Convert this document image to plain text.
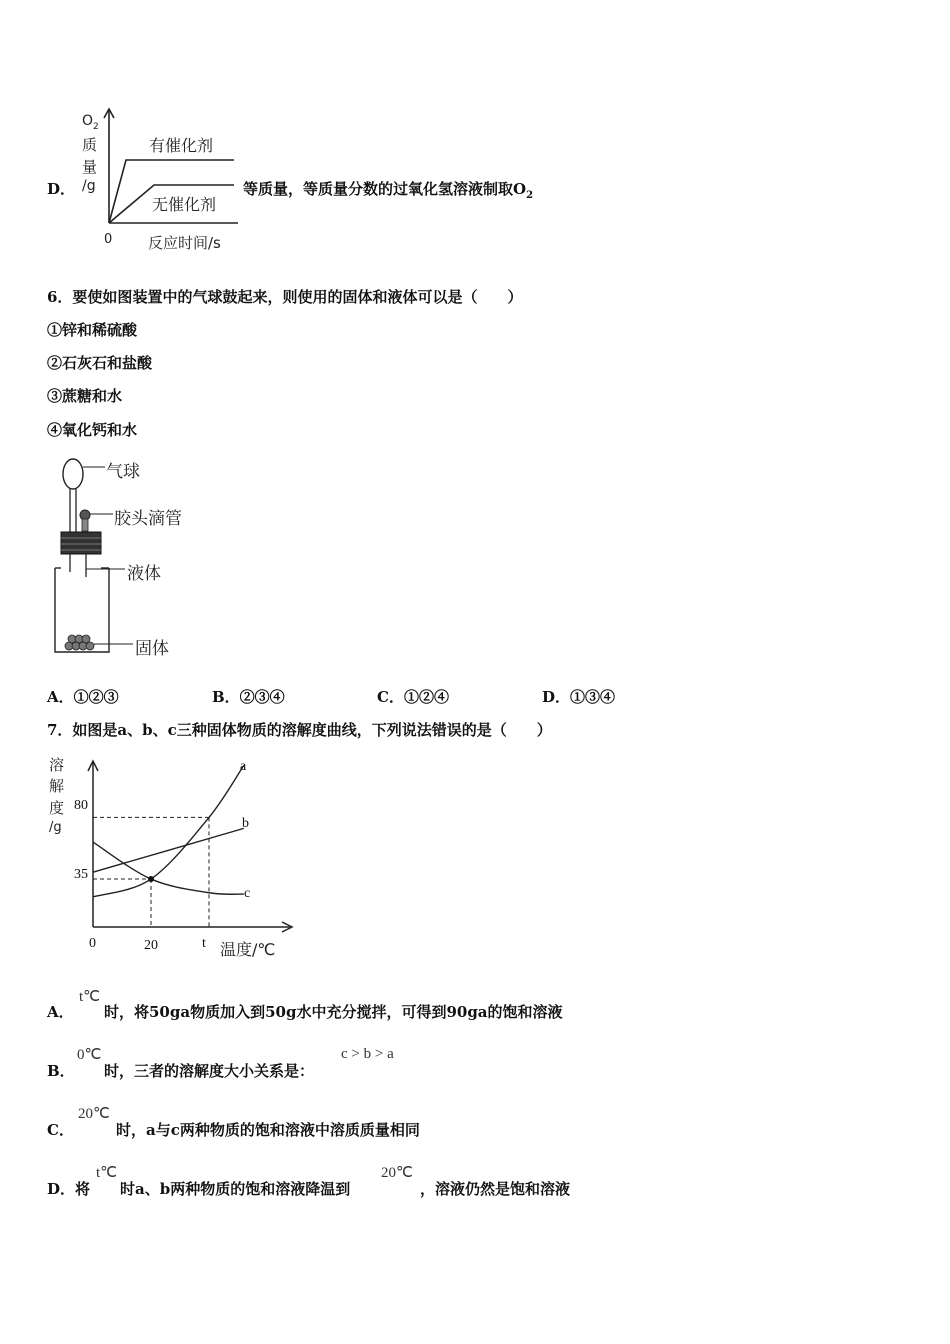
D．
$O_2$
质
量
/g
0 反应时间/s
有催化剂
无催化剂
等质量，等质量分数的过氧化氢溶液制取$O_2$
6．要使如图装置中的气球鼓起来，则使用的固体和液体可以是（　　）
①锌和稀硫酸
②石灰石和盐酸
③蔗糖和水
④氧化钙和水
气球
胶头滴管
液体
固体
A．①②③	B．②③④	C．①②④	D．①③④
7．如图是a、b、c三种固体物质的溶解度曲线，下列说法错误的是（　　）
溶
解
度
/g
80
35
0	20	t 温度/℃
a
b
c
A．
t℃
时，将50ga物质加入到50g水中充分搅拌，可得到90ga的饱和溶液
B．
0℃
时，三者的溶解度大小关系是：
c > b > a
C．
20℃
时，a与c两种物质的饱和溶液中溶质质量相同
D．将
t℃
时a、b两种物质的饱和溶液降温到
20℃
，溶液仍然是饱和溶液
